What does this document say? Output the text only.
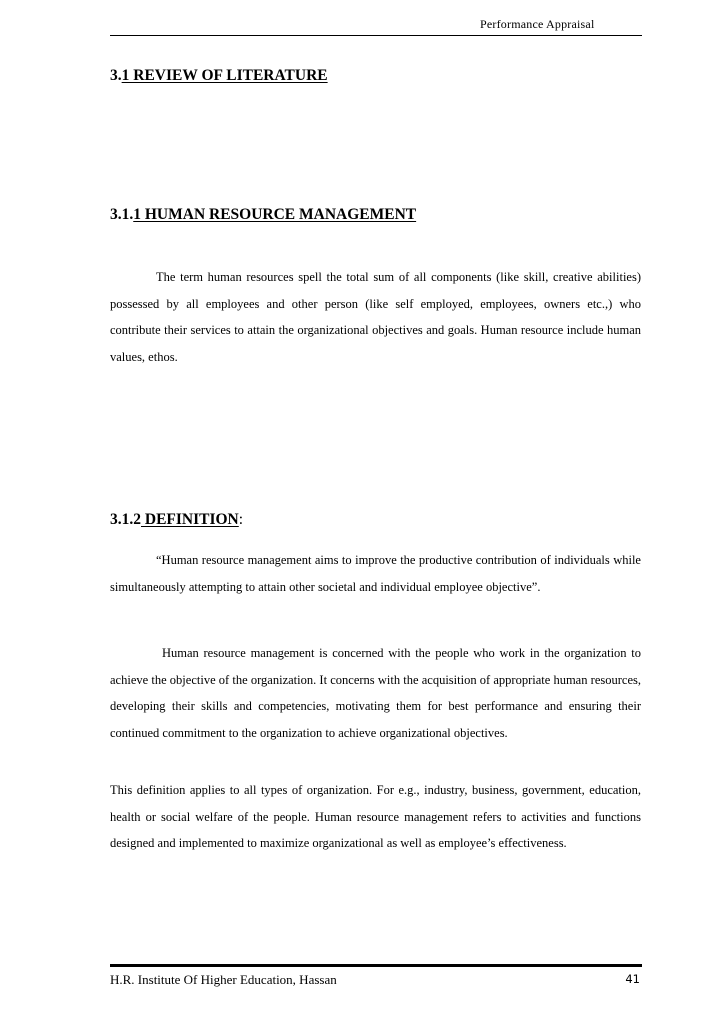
Performance Appraisal
3.1 REVIEW OF LITERATURE
3.1.1 HUMAN RESOURCE MANAGEMENT
The term human resources spell the total sum of all components (like skill, creative abilities) possessed by all employees and other person (like self employed, employees, owners etc.,) who contribute their services to attain the organizational objectives and goals. Human resource include human values, ethos.
3.1.2 DEFINITION:
“Human resource management aims to improve the productive contribution of individuals while simultaneously attempting to attain other societal and individual employee objective”.
Human resource management is concerned with the people who work in the organization to achieve the objective of the organization. It concerns with the acquisition of appropriate human resources, developing their skills and competencies, motivating them for best performance and ensuring their continued commitment to the organization to achieve organizational objectives.
This definition applies to all types of organization. For e.g., industry, business, government, education, health or social welfare of the people. Human resource management refers to activities and functions designed and implemented to maximize organizational as well as employee’s effectiveness.
H.R. Institute Of Higher Education, Hassan	41
